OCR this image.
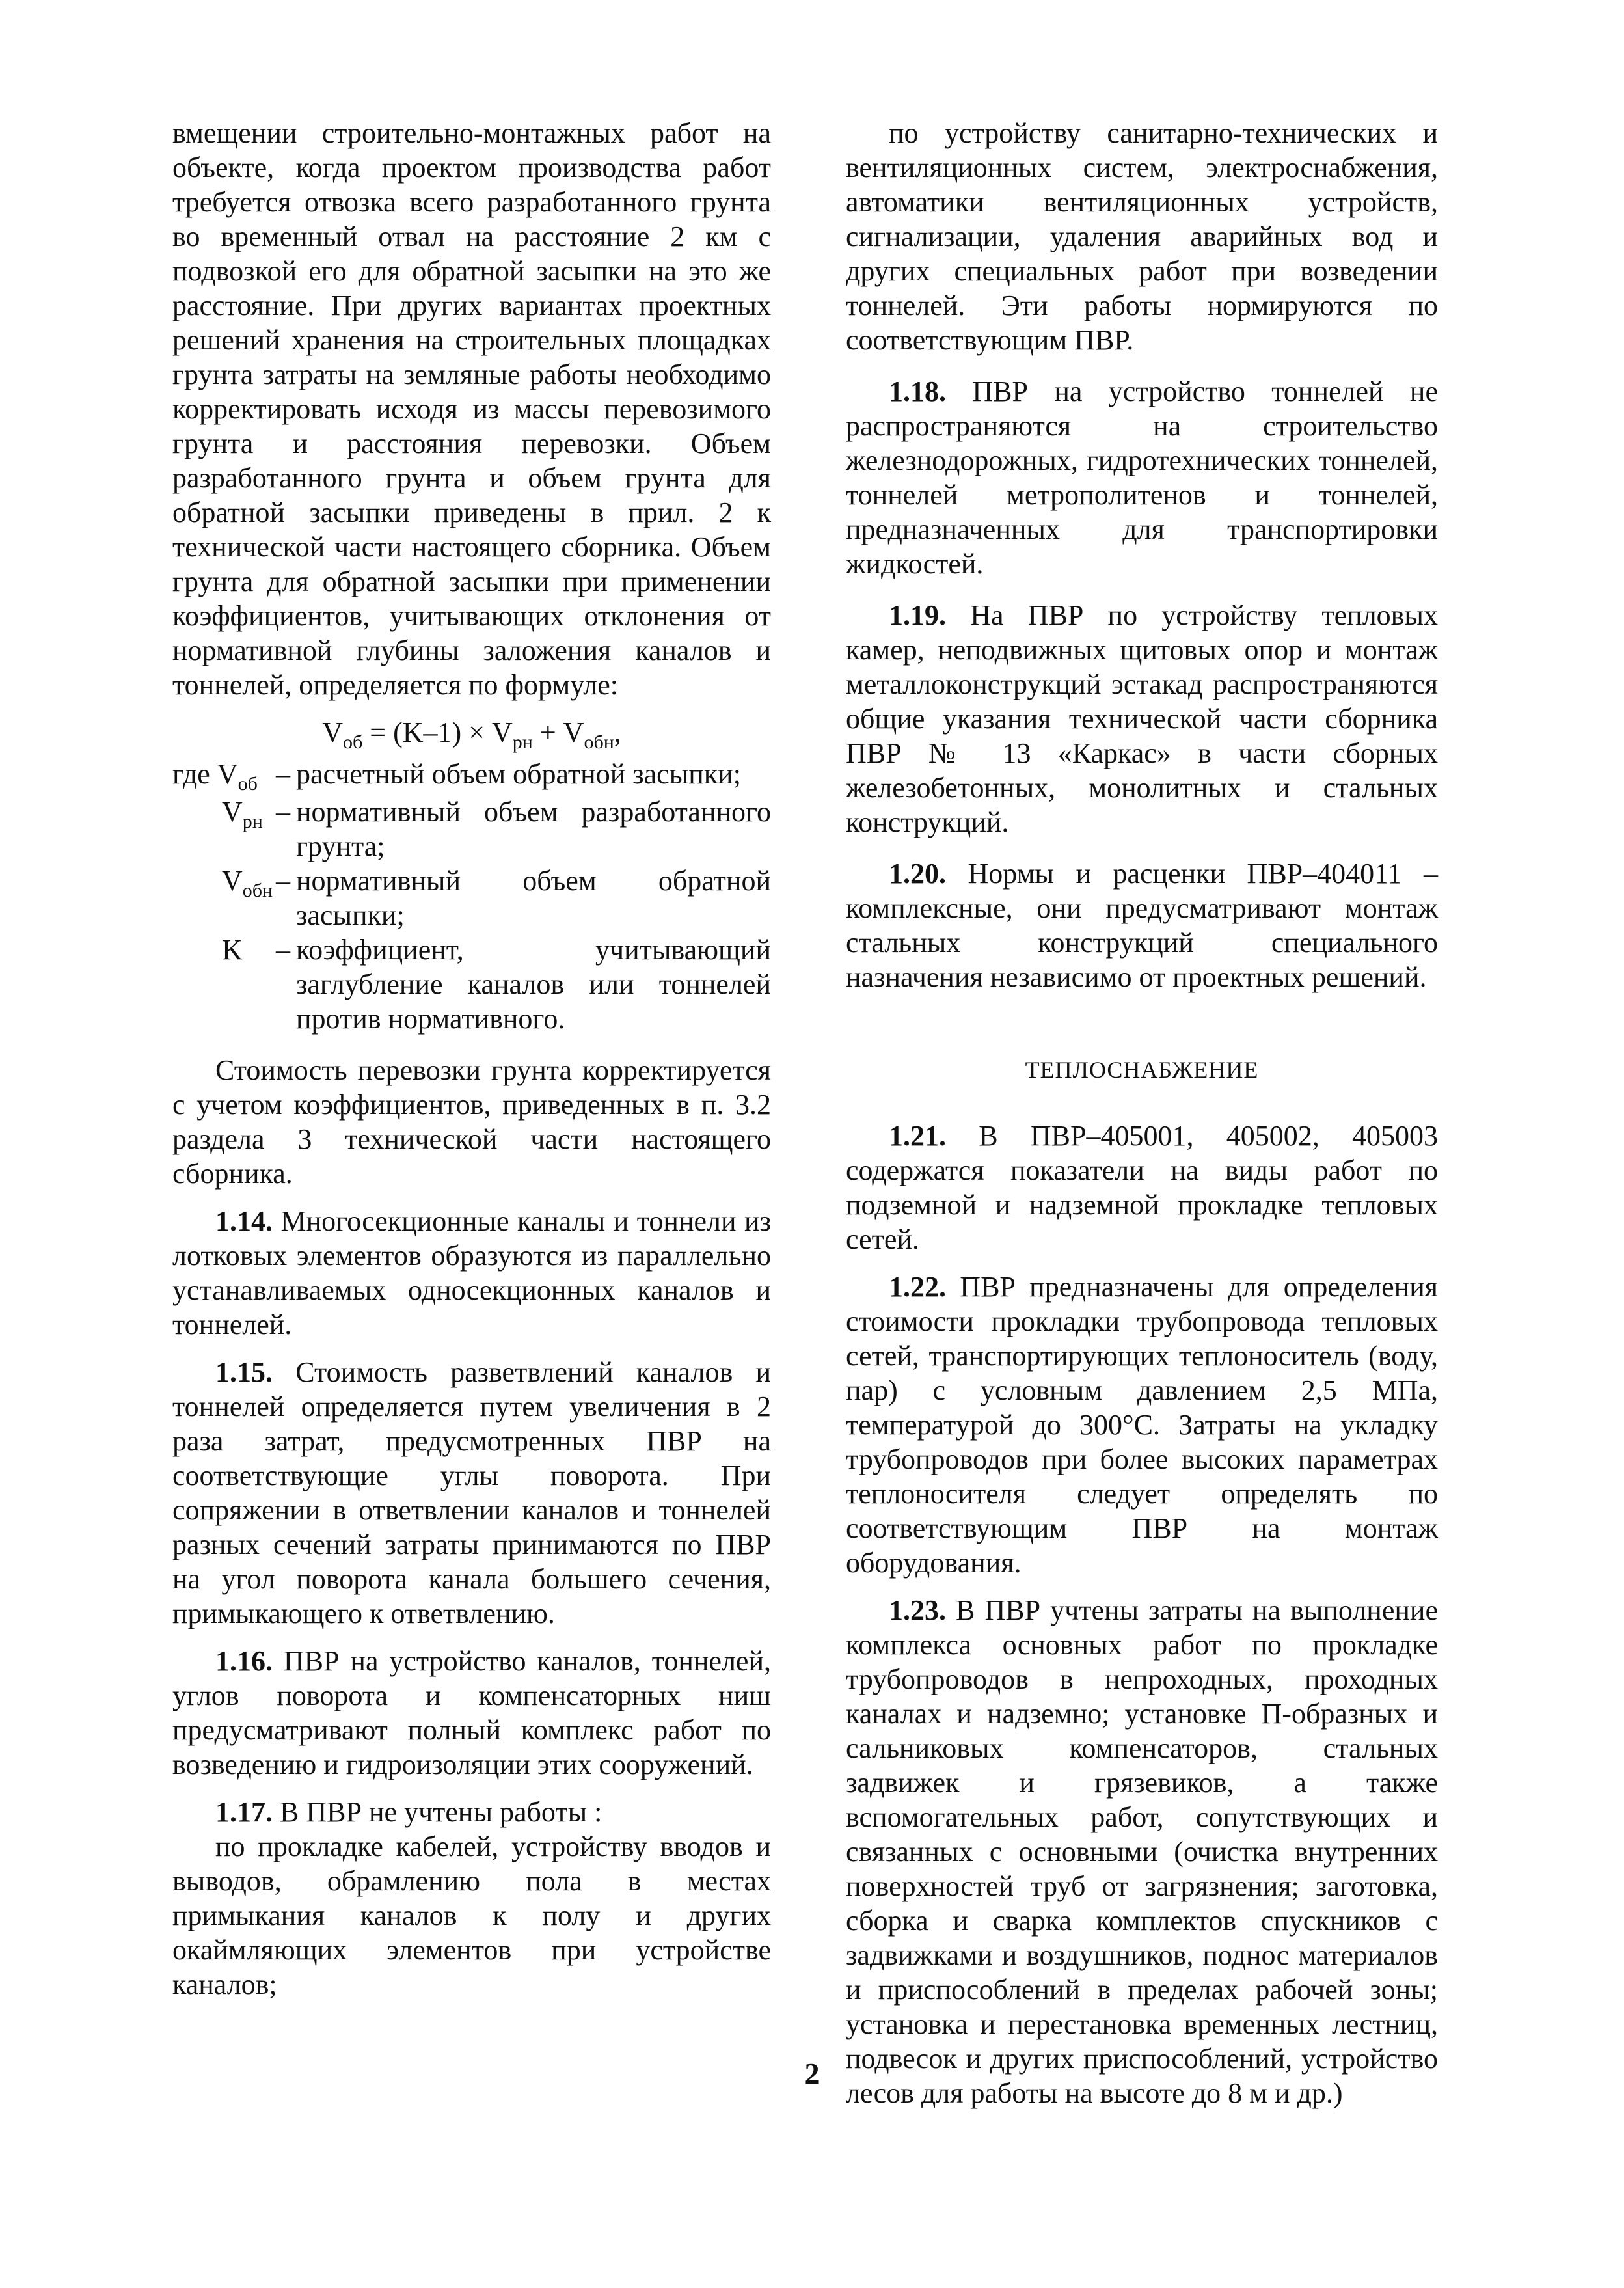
вмещении строительно-монтажных работ на объекте, когда проектом производства работ требуется отвозка всего разработанного грунта во временный отвал на расстояние 2 км с подвозкой его для обратной засыпки на это же расстояние. При других вариантах проектных решений хранения на строительных площадках грунта затраты на земляные работы необходимо корректировать исходя из массы перевозимого грунта и расстояния перевозки. Объем разработанного грунта и объем грунта для обратной засыпки приведены в прил. 2 к технической части настоящего сборника. Объем грунта для обратной засыпки при применении коэффициентов, учитывающих отклонения от нормативной глубины заложения каналов и тоннелей, определяется по формуле:

$V_{об} = (K-1) \times V_{рн} + V_{обн}$,

где $V_{об}$ – расчетный объем обратной засыпки;
$V_{рн}$ – нормативный объем разработанного грунта;
$V_{обн}$ – нормативный объем обратной засыпки;
K	– коэффициент, учитывающий заглубление каналов или тоннелей против нормативного.

Стоимость перевозки грунта корректируется с учетом коэффициентов, приведенных в п. 3.2 раздела 3 технической части настоящего сборника.

1.14. Многосекционные каналы и тоннели из лотковых элементов образуются из параллельно устанавливаемых односекционных каналов и тоннелей.

1.15. Стоимость разветвлений каналов и тоннелей определяется путем увеличения в 2 раза затрат, предусмотренных ПВР на соответствующие углы поворота. При сопряжении в ответвлении каналов и тоннелей разных сечений затраты принимаются по ПВР на угол поворота канала большего сечения, примыкающего к ответвлению.

1.16. ПВР на устройство каналов, тоннелей, углов поворота и компенсаторных ниш предусматривают полный комплекс работ по возведению и гидроизоляции этих сооружений.

1.17. В ПВР не учтены работы :

по прокладке кабелей, устройству вводов и выводов, обрамлению пола в местах примыкания каналов к полу и других окаймляющих элементов при устройстве каналов;

по устройству санитарно-технических и вентиляционных систем, электроснабжения, автоматики вентиляционных устройств, сигнализации, удаления аварийных вод и других специальных работ при возведении тоннелей. Эти работы нормируются по соответствующим ПВР.

1.18. ПВР на устройство тоннелей не распространяются на строительство железнодорожных, гидротехнических тоннелей, тоннелей метрополитенов и тоннелей, предназначенных для транспортировки жидкостей.

1.19. На ПВР по устройству тепловых камер, неподвижных щитовых опор и монтаж металлоконструкций эстакад распространяются общие указания технической части сборника ПВР № 13 «Каркас» в части сборных железобетонных, монолитных и стальных конструкций.

1.20. Нормы и расценки ПВР–404011 – комплексные, они предусматривают монтаж стальных конструкций специального назначения независимо от проектных решений.

ТЕПЛОСНАБЖЕНИЕ

1.21. В ПВР–405001, 405002, 405003 содержатся показатели на виды работ по подземной и надземной прокладке тепловых сетей.

1.22. ПВР предназначены для определения стоимости прокладки трубопровода тепловых сетей, транспортирующих теплоноситель (воду, пар) с условным давлением 2,5 МПа, температурой до 300°С. Затраты на укладку трубопроводов при более высоких параметрах теплоносителя следует определять по соответствующим ПВР на монтаж оборудования.

1.23. В ПВР учтены затраты на выполнение комплекса основных работ по прокладке трубопроводов в непроходных, проходных каналах и надземно; установке П-образных и сальниковых компенсаторов, стальных задвижек и грязевиков, а также вспомогательных работ, сопутствующих и связанных с основными (очистка внутренних поверхностей труб от загрязнения; заготовка, сборка и сварка комплектов спускников с задвижками и воздушников, поднос материалов и приспособлений в пределах рабочей зоны; установка и перестановка временных лестниц, подвесок и других приспособлений, устройство лесов для работы на высоте до 8 м и др.)

2
